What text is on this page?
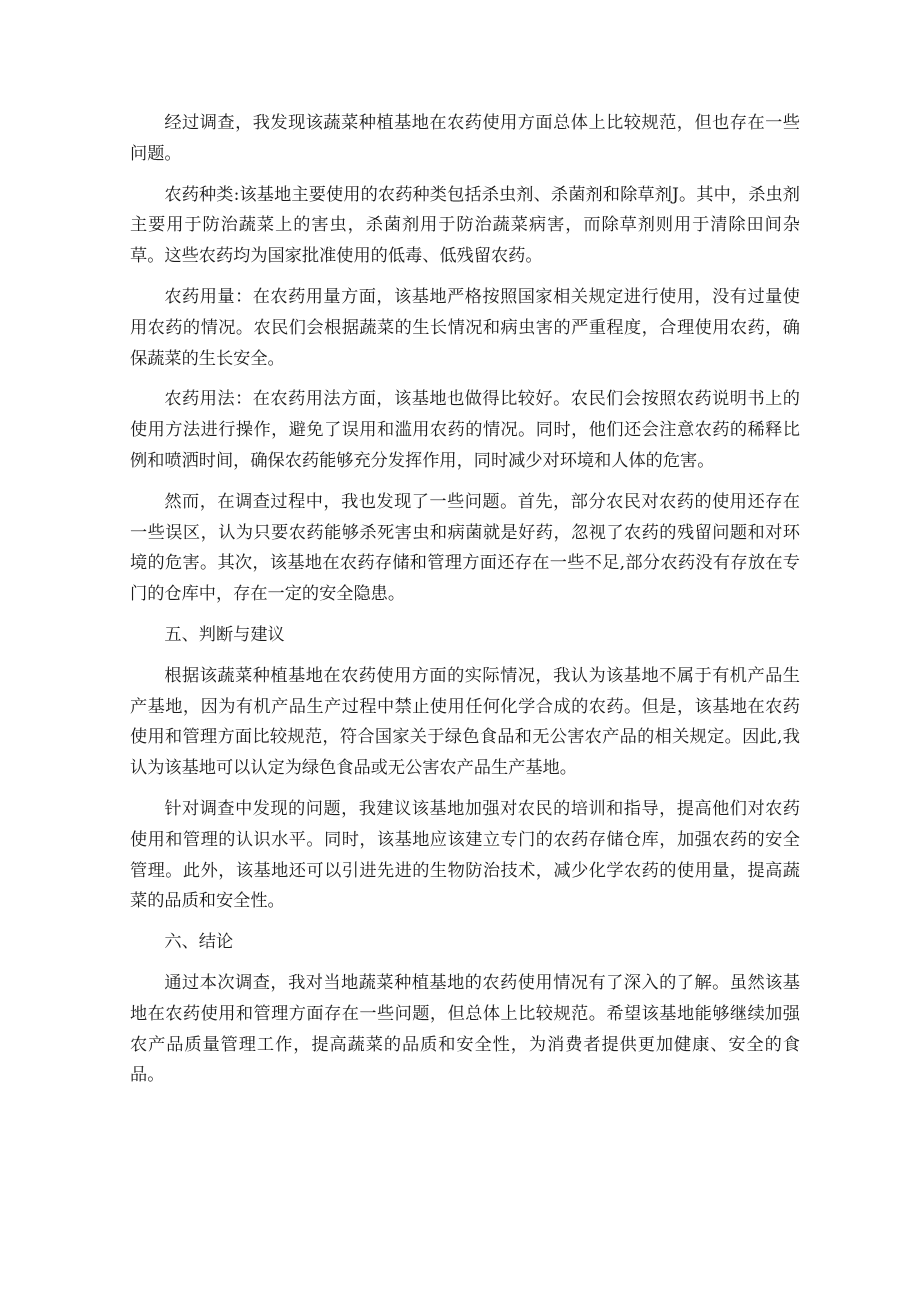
经过调查，我发现该蔬菜种植基地在农药使用方面总体上比较规范，但也存在一些问题。

农药种类:该基地主要使用的农药种类包括杀虫剂、杀菌剂和除草剂J。其中，杀虫剂主要用于防治蔬菜上的害虫，杀菌剂用于防治蔬菜病害，而除草剂则用于清除田间杂草。这些农药均为国家批准使用的低毒、低残留农药。

农药用量：在农药用量方面，该基地严格按照国家相关规定进行使用，没有过量使用农药的情况。农民们会根据蔬菜的生长情况和病虫害的严重程度，合理使用农药，确保蔬菜的生长安全。

农药用法：在农药用法方面，该基地也做得比较好。农民们会按照农药说明书上的使用方法进行操作，避免了误用和滥用农药的情况。同时，他们还会注意农药的稀释比例和喷洒时间，确保农药能够充分发挥作用，同时减少对环境和人体的危害。

然而，在调查过程中，我也发现了一些问题。首先，部分农民对农药的使用还存在一些误区，认为只要农药能够杀死害虫和病菌就是好药，忽视了农药的残留问题和对环境的危害。其次，该基地在农药存储和管理方面还存在一些不足,部分农药没有存放在专门的仓库中，存在一定的安全隐患。

五、判断与建议

根据该蔬菜种植基地在农药使用方面的实际情况，我认为该基地不属于有机产品生产基地，因为有机产品生产过程中禁止使用任何化学合成的农药。但是，该基地在农药使用和管理方面比较规范，符合国家关于绿色食品和无公害农产品的相关规定。因此,我认为该基地可以认定为绿色食品或无公害农产品生产基地。

针对调查中发现的问题，我建议该基地加强对农民的培训和指导，提高他们对农药使用和管理的认识水平。同时，该基地应该建立专门的农药存储仓库，加强农药的安全管理。此外，该基地还可以引进先进的生物防治技术，减少化学农药的使用量，提高蔬菜的品质和安全性。

六、结论

通过本次调查，我对当地蔬菜种植基地的农药使用情况有了深入的了解。虽然该基地在农药使用和管理方面存在一些问题，但总体上比较规范。希望该基地能够继续加强农产品质量管理工作，提高蔬菜的品质和安全性，为消费者提供更加健康、安全的食品。
